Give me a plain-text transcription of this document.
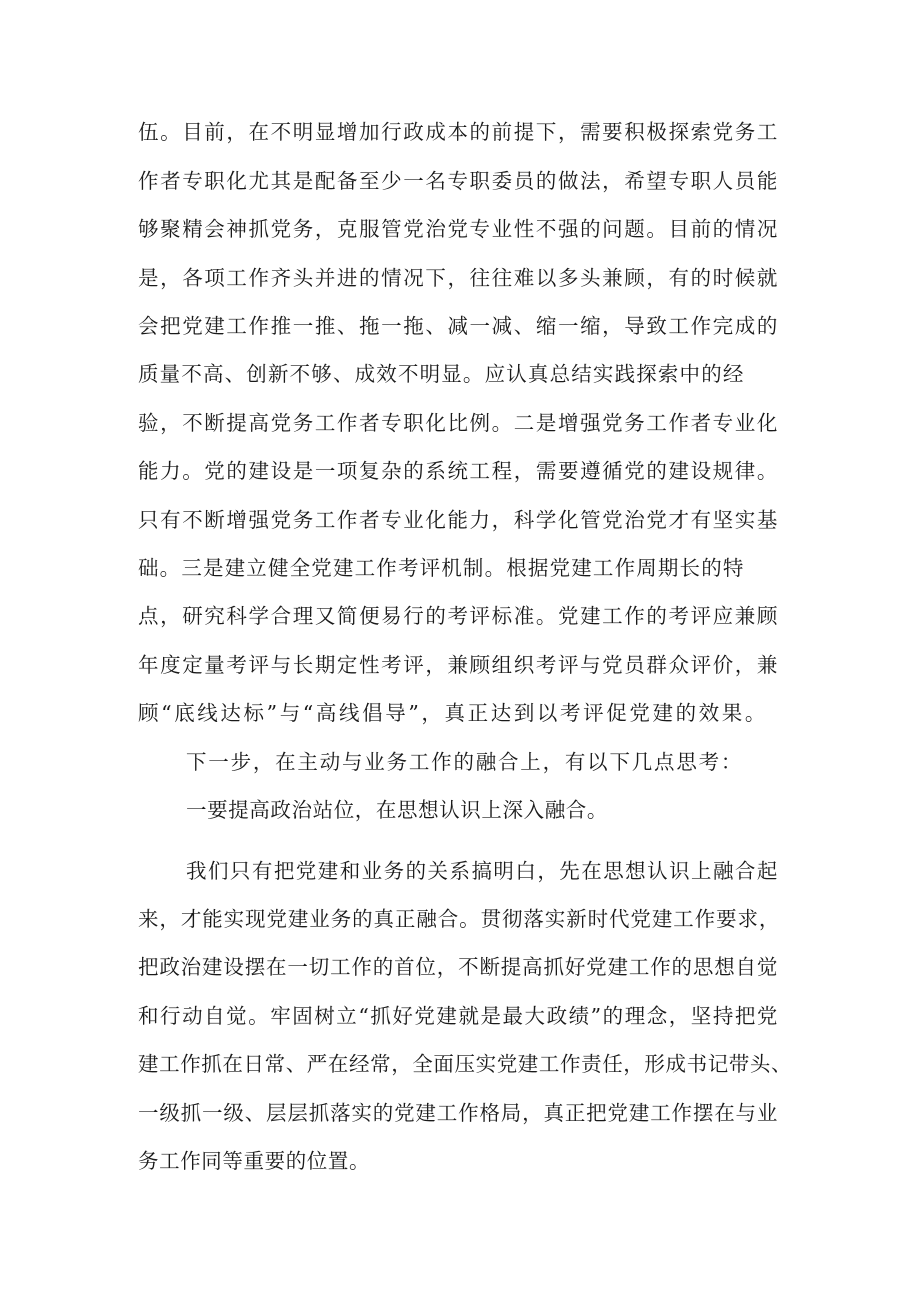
伍。目前，在不明显增加行政成本的前提下，需要积极探索党务工
作者专职化尤其是配备至少一名专职委员的做法，希望专职人员能
够聚精会神抓党务，克服管党治党专业性不强的问题。目前的情况
是，各项工作齐头并进的情况下，往往难以多头兼顾，有的时候就
会把党建工作推一推、拖一拖、减一减、缩一缩，导致工作完成的
质量不高、创新不够、成效不明显。应认真总结实践探索中的经
验，不断提高党务工作者专职化比例。二是增强党务工作者专业化
能力。党的建设是一项复杂的系统工程，需要遵循党的建设规律。
只有不断增强党务工作者专业化能力，科学化管党治党才有坚实基
础。三是建立健全党建工作考评机制。根据党建工作周期长的特
点，研究科学合理又简便易行的考评标准。党建工作的考评应兼顾
年度定量考评与长期定性考评，兼顾组织考评与党员群众评价，兼
顾“底线达标”与“高线倡导”，真正达到以考评促党建的效果。
下一步，在主动与业务工作的融合上，有以下几点思考：
一要提高政治站位，在思想认识上深入融合。
我们只有把党建和业务的关系搞明白，先在思想认识上融合起
来，才能实现党建业务的真正融合。贯彻落实新时代党建工作要求，
把政治建设摆在一切工作的首位，不断提高抓好党建工作的思想自觉
和行动自觉。牢固树立“抓好党建就是最大政绩”的理念，坚持把党
建工作抓在日常、严在经常，全面压实党建工作责任，形成书记带头、
一级抓一级、层层抓落实的党建工作格局，真正把党建工作摆在与业
务工作同等重要的位置。
